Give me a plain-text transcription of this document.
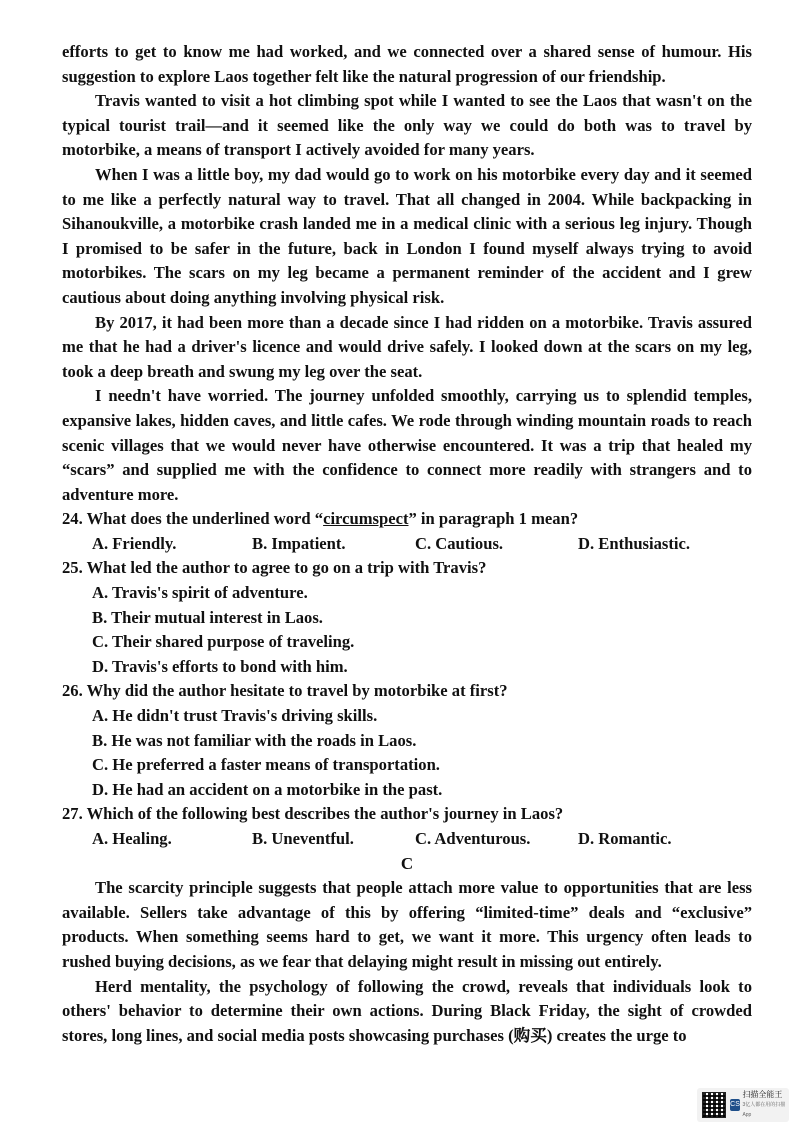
efforts to get to know me had worked, and we connected over a shared sense of humour. His suggestion to explore Laos together felt like the natural progression of our friendship.

Travis wanted to visit a hot climbing spot while I wanted to see the Laos that wasn't on the typical tourist trail—and it seemed like the only way we could do both was to travel by motorbike, a means of transport I actively avoided for many years.

When I was a little boy, my dad would go to work on his motorbike every day and it seemed to me like a perfectly natural way to travel. That all changed in 2004. While backpacking in Sihanoukville, a motorbike crash landed me in a medical clinic with a serious leg injury. Though I promised to be safer in the future, back in London I found myself always trying to avoid motorbikes. The scars on my leg became a permanent reminder of the accident and I grew cautious about doing anything involving physical risk.

By 2017, it had been more than a decade since I had ridden on a motorbike. Travis assured me that he had a driver's licence and would drive safely. I looked down at the scars on my leg, took a deep breath and swung my leg over the seat.

I needn't have worried. The journey unfolded smoothly, carrying us to splendid temples, expansive lakes, hidden caves, and little cafes. We rode through winding mountain roads to reach scenic villages that we would never have otherwise encountered. It was a trip that healed my “scars” and supplied me with the confidence to connect more readily with strangers and to adventure more.

24. What does the underlined word “circumspect” in paragraph 1 mean?
A. Friendly.	B. Impatient.	C. Cautious.	D. Enthusiastic.
25. What led the author to agree to go on a trip with Travis?
A. Travis's spirit of adventure.
B. Their mutual interest in Laos.
C. Their shared purpose of traveling.
D. Travis's efforts to bond with him.
26. Why did the author hesitate to travel by motorbike at first?
A. He didn't trust Travis's driving skills.
B. He was not familiar with the roads in Laos.
C. He preferred a faster means of transportation.
D. He had an accident on a motorbike in the past.
27. Which of the following best describes the author's journey in Laos?
A. Healing.	B. Uneventful.	C. Adventurous.	D. Romantic.
C

The scarcity principle suggests that people attach more value to opportunities that are less available. Sellers take advantage of this by offering “limited-time” deals and “exclusive” products. When something seems hard to get, we want it more. This urgency often leads to rushed buying decisions, as we fear that delaying might result in missing out entirely.

Herd mentality, the psychology of following the crowd, reveals that individuals look to others' behavior to determine their own actions. During Black Friday, the sight of crowded stores, long lines, and social media posts showcasing purchases (购买) creates the urge to

CS
扫描全能王
3亿人都在用的扫描App
